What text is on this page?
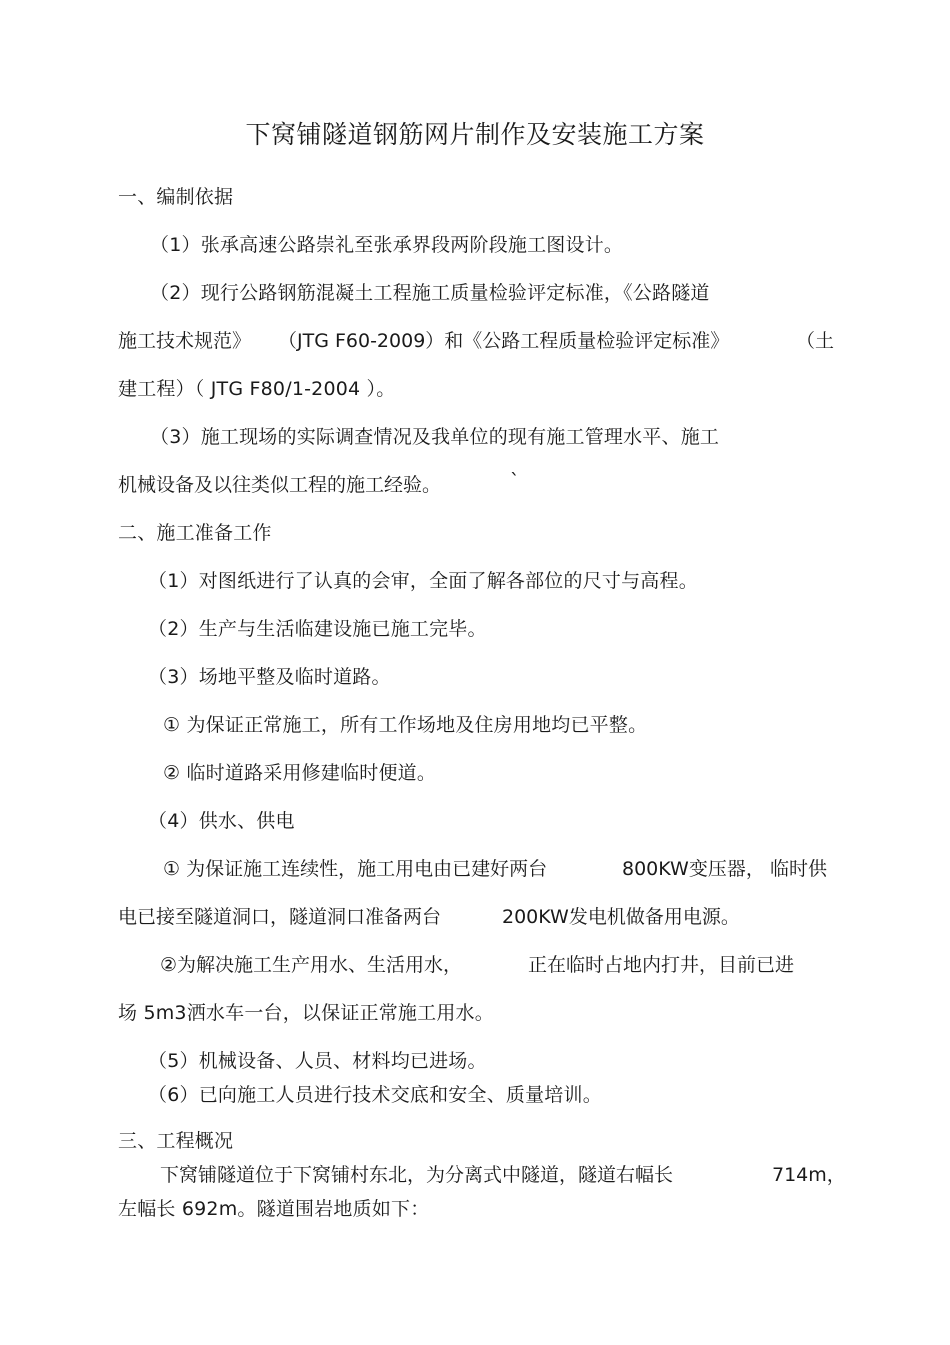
下窝铺隧道钢筋网片制作及安装施工方案
一、编制依据
（1）张承高速公路崇礼至张承界段两阶段施工图设计。
（2）现行公路钢筋混凝土工程施工质量检验评定标准，《公路隧道
施工技术规范》 （JTG F60-2009）和《公路工程质量检验评定标准》	（土
建工程）（ JTG F80/1-2004 ）。
（3）施工现场的实际调查情况及我单位的现有施工管理水平、施工
机械设备及以往类似工程的施工经验。	`
二、施工准备工作
（1）对图纸进行了认真的会审，全面了解各部位的尺寸与高程。
（2）生产与生活临建设施已施工完毕。
（3）场地平整及临时道路。
① 为保证正常施工，所有工作场地及住房用地均已平整。
② 临时道路采用修建临时便道。
（4）供水、供电
① 为保证施工连续性，施工用电由已建好两台	800KW变压器， 临时供
电已接至隧道洞口，隧道洞口准备两台	200KW发电机做备用电源。
②为解决施工生产用水、生活用水，	正在临时占地内打井，目前已进
场 5m3洒水车一台，以保证正常施工用水。
（5）机械设备、人员、材料均已进场。
（6）已向施工人员进行技术交底和安全、质量培训。
三、工程概况
下窝铺隧道位于下窝铺村东北，为分离式中隧道，隧道右幅长	714m，
左幅长 692m。隧道围岩地质如下：
